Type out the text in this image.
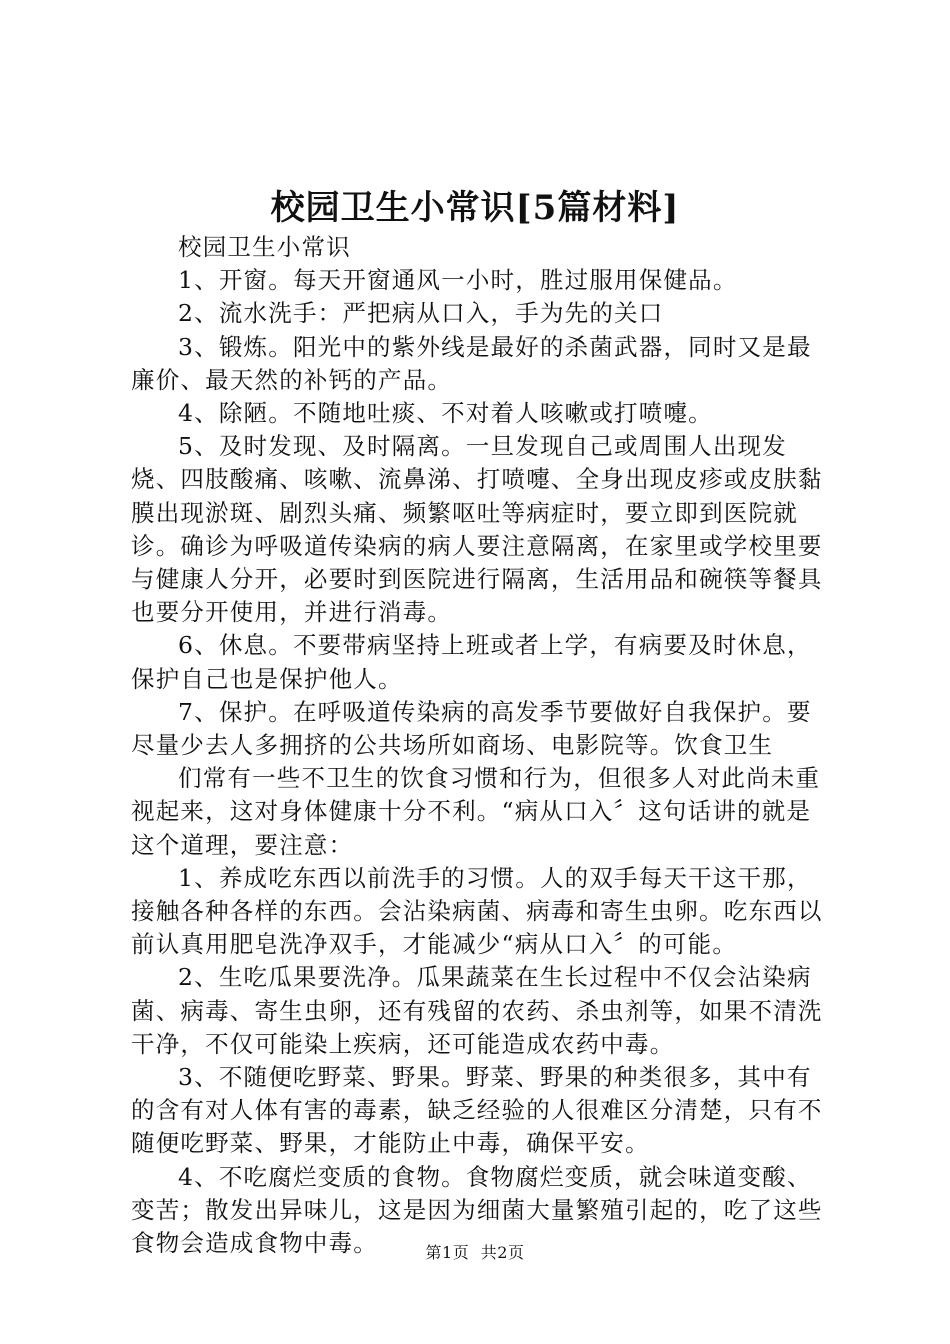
校园卫生小常识[5篇材料]

校园卫生小常识

1、开窗。每天开窗通风一小时，胜过服用保健品。

2、流水洗手：严把病从口入，手为先的关口

3、锻炼。阳光中的紫外线是最好的杀菌武器，同时又是最廉价、最天然的补钙的产品。

4、除陋。不随地吐痰、不对着人咳嗽或打喷嚏。

5、及时发现、及时隔离。一旦发现自己或周围人出现发烧、四肢酸痛、咳嗽、流鼻涕、打喷嚏、全身出现皮疹或皮肤黏膜出现淤斑、剧烈头痛、频繁呕吐等病症时，要立即到医院就诊。确诊为呼吸道传染病的病人要注意隔离，在家里或学校里要与健康人分开，必要时到医院进行隔离，生活用品和碗筷等餐具也要分开使用，并进行消毒。

6、休息。不要带病坚持上班或者上学，有病要及时休息，保护自己也是保护他人。

7、保护。在呼吸道传染病的高发季节要做好自我保护。要尽量少去人多拥挤的公共场所如商场、电影院等。饮食卫生

们常有一些不卫生的饮食习惯和行为，但很多人对此尚未重视起来，这对身体健康十分不利。“病从口入〞这句话讲的就是这个道理，要注意：

1、养成吃东西以前洗手的习惯。人的双手每天干这干那，接触各种各样的东西。会沾染病菌、病毒和寄生虫卵。吃东西以前认真用肥皂洗净双手，才能减少“病从口入〞的可能。

2、生吃瓜果要洗净。瓜果蔬菜在生长过程中不仅会沾染病菌、病毒、寄生虫卵，还有残留的农药、杀虫剂等，如果不清洗干净，不仅可能染上疾病，还可能造成农药中毒。

3、不随便吃野菜、野果。野菜、野果的种类很多，其中有的含有对人体有害的毒素，缺乏经验的人很难区分清楚，只有不随便吃野菜、野果，才能防止中毒，确保平安。

4、不吃腐烂变质的食物。食物腐烂变质，就会味道变酸、变苦；散发出异味儿，这是因为细菌大量繁殖引起的，吃了这些食物会造成食物中毒。	第1页 共2页
